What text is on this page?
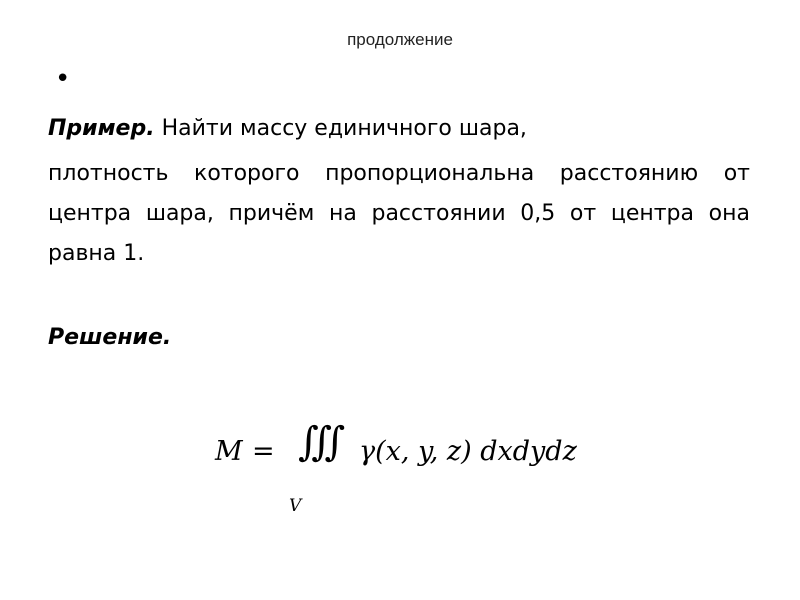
продолжение
•
Пример. Найти массу единичного шара,
плотность которого пропорциональна расстоянию от центра шара, причём на расстоянии 0,5 от центра она равна 1.
Решение.
M = ∭
V
γ(x, y, z) dxdydz
